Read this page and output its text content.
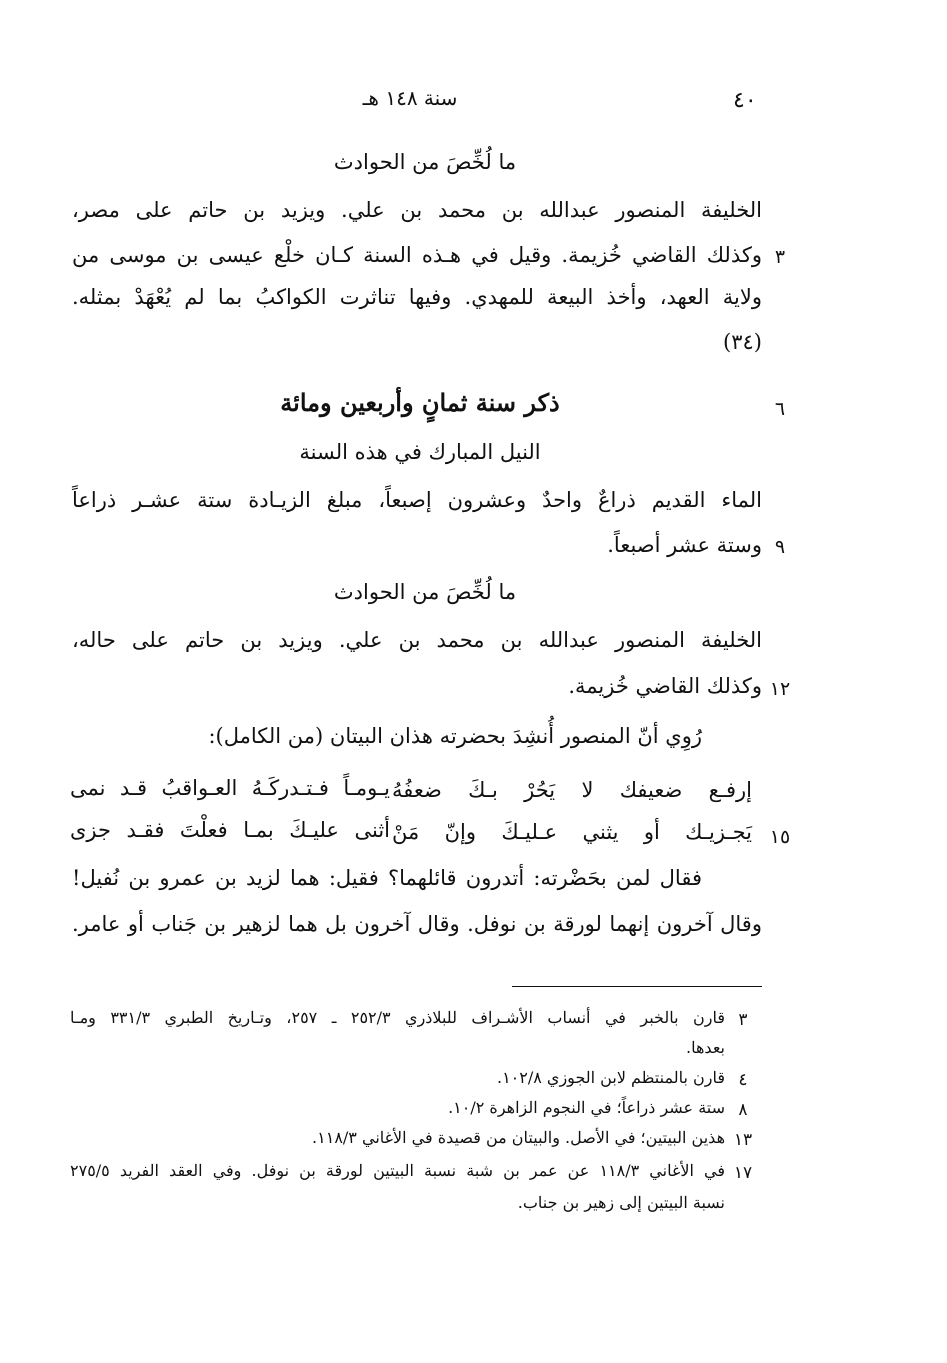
٤٠
سنة ١٤٨ هـ
ما لُخِّصَ من الحوادث
الخليفة المنصور عبدالله بن محمد بن علي. ويزيد بن حاتم على مصر،
٣
وكذلك القاضي خُزيمة. وقيل في هـذه السنة كـان خلْع عيسى بن موسى من
ولاية العهد، وأخذ البيعة للمهدي. وفيها تناثرت الكواكبُ بما لم يُعْهَدْ بمثله.
(٣٤)
٦
ذكر سنة ثمانٍ وأربعين ومائة
النيل المبارك في هذه السنة
الماء القديم ذراعٌ واحدٌ وعشرون إصبعاً، مبلغ الزيـادة ستة عشـر ذراعاً
٩
وستة عشر أصبعاً.
ما لُخِّصَ من الحوادث
الخليفة المنصور عبدالله بن محمد بن علي. ويزيد بن حاتم على حاله،
١٢
وكذلك القاضي خُزيمة.
رُوِي أنّ المنصور أُنشِدَ بحضرته هذان البيتان (من الكامل):
إرفـع ضعيفك لا يَحُرْ بـكَ ضعفُهُ
يـومـاً فـتـدركَـهُ العـواقبُ قـد نمى
١٥
يَجـزيـك أو يثني عـليـكَ وإنّ مَنْ
أثنى عليـكَ بمـا فعلْتَ فقـد جزى
فقال لمن بحَضْرته: أتدرون قائلهما؟ فقيل: هما لزيد بن عمرو بن نُفيل!
وقال آخرون إنهما لورقة بن نوفل. وقال آخرون بل هما لزهير بن جَناب أو عامر.
٣
قارن بالخبر في أنساب الأشـراف للبلاذري ٢٥٢/٣ ـ ٢٥٧، وتـاريخ الطبري ٣٣١/٣ ومـا
بعدها.
٤
قارن بالمنتظم لابن الجوزي ١٠٢/٨.
٨
ستة عشر ذراعاً؛ في النجوم الزاهرة ١٠/٢.
١٣
هذين البيتين؛ في الأصل. والبيتان من قصيدة في الأغاني ١١٨/٣.
١٧
في الأغاني ١١٨/٣ عن عمر بن شبة نسبة البيتين لورقة بن نوفل. وفي العقد الفريد ٢٧٥/٥
نسبة البيتين إلى زهير بن جناب.
